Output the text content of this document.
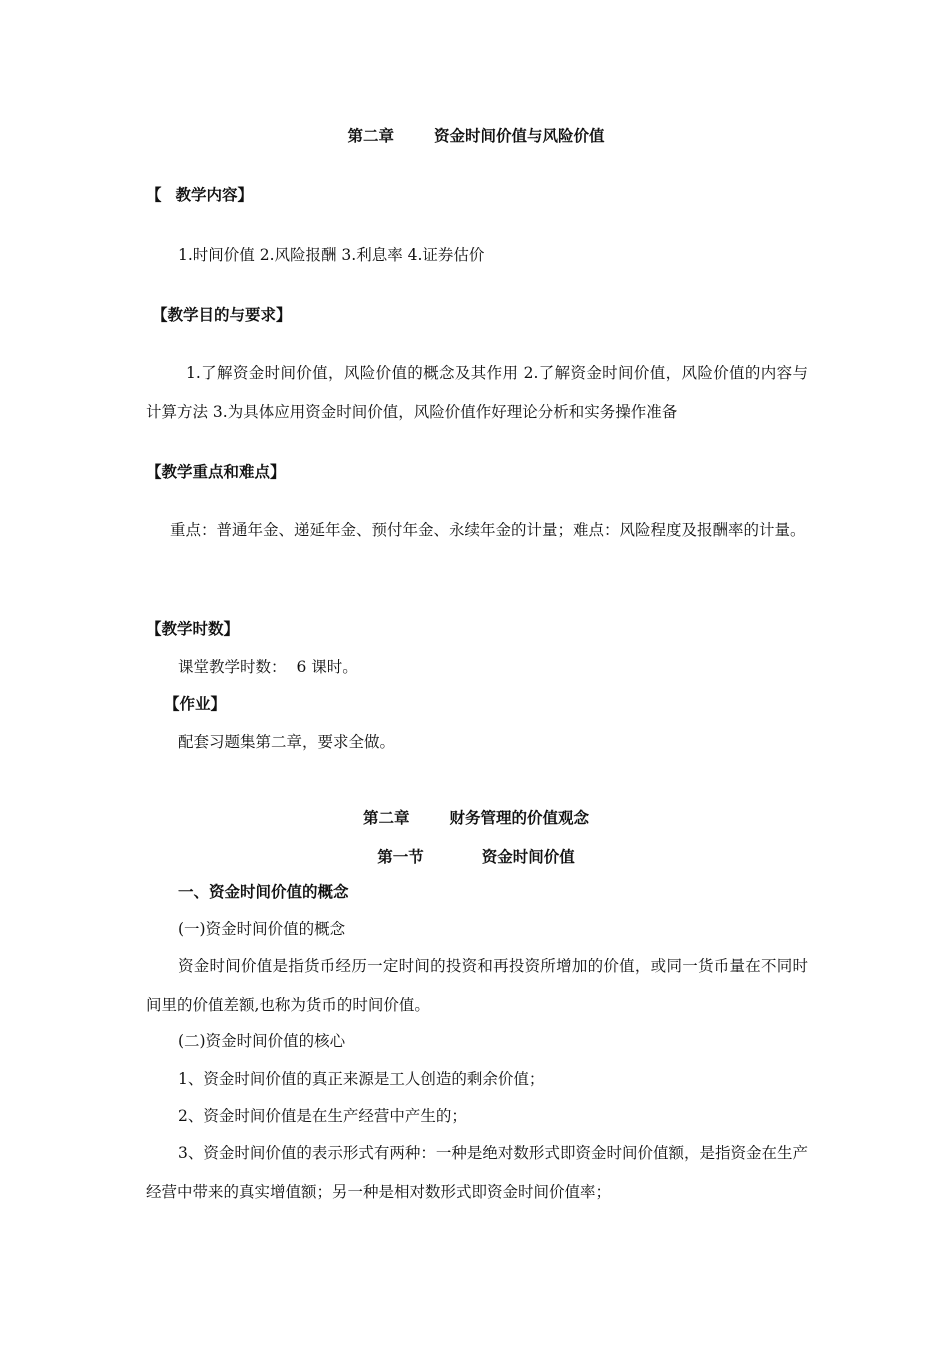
第二章	资金时间价值与风险价值
【 教学内容】
1.时间价值 2.风险报酬 3.利息率 4.证券估价
【教学目的与要求】
1.了解资金时间价值，风险价值的概念及其作用 2.了解资金时间价值，风险价值的内容与计算方法 3.为具体应用资金时间价值，风险价值作好理论分析和实务操作准备
【教学重点和难点】
重点：普通年金、递延年金、预付年金、永续年金的计量；难点：风险程度及报酬率的计量。
【教学时数】
课堂教学时数： 6 课时。
【作业】
配套习题集第二章，要求全做。
第二章	财务管理的价值观念
第一节	资金时间价值
一、资金时间价值的概念
(一)资金时间价值的概念
资金时间价值是指货币经历一定时间的投资和再投资所增加的价值，或同一货币量在不同时间里的价值差额,也称为货币的时间价值。
(二)资金时间价值的核心
1、资金时间价值的真正来源是工人创造的剩余价值；
2、资金时间价值是在生产经营中产生的；
3、资金时间价值的表示形式有两种：一种是绝对数形式即资金时间价值额，是指资金在生产经营中带来的真实增值额；另一种是相对数形式即资金时间价值率；
